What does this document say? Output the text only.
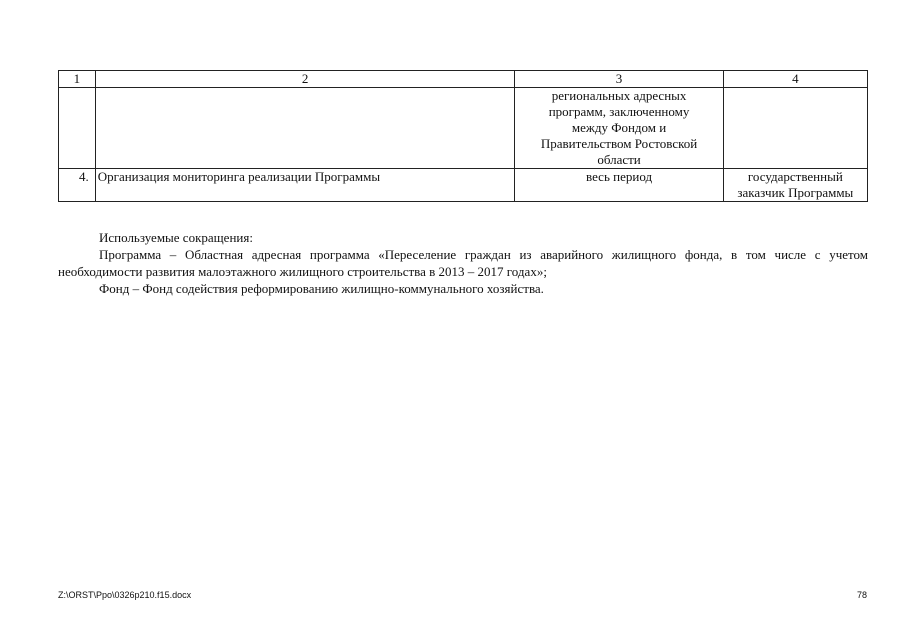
1	2	3	4

		региональных адресных
программ, заключенному
между Фондом и
Правительством Ростовской
области	

4.	Организация мониторинга реализации Программы	весь период	государственный
заказчик Программы

Используемые сокращения:

Программа – Областная адресная программа «Переселение граждан из аварийного жилищного фонда, в том числе с учетом необходимости развития малоэтажного жилищного строительства в 2013 – 2017 годах»;

Фонд – Фонд содействия реформированию жилищно-коммунального хозяйства.

Z:\ORST\Ppo\0326p210.f15.docx	78
